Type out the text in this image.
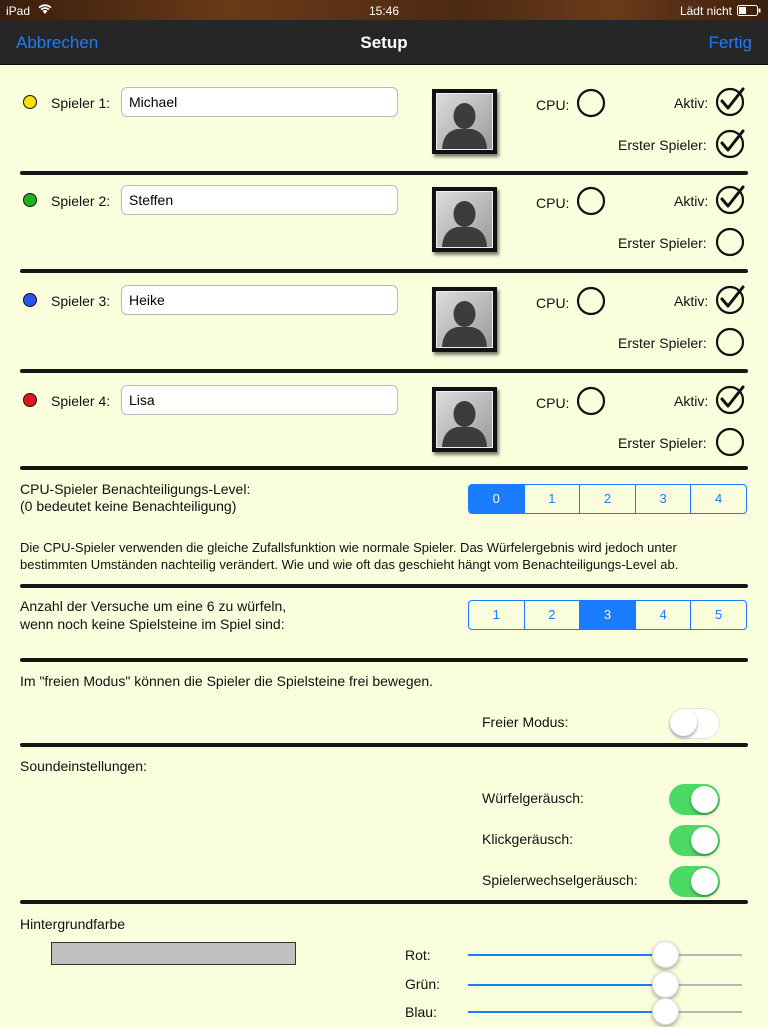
iPad	15:46	Lädt nicht
Setup
Abbrechen	Fertig
Spieler 1:
Michael	CPU:	Aktiv:
Erster Spieler:
Spieler 2:
Steffen	CPU:	Aktiv:
Erster Spieler:
Spieler 3:
Heike	CPU:	Aktiv:
Erster Spieler:
Spieler 4:
Lisa	CPU:	Aktiv:
Erster Spieler:
CPU-Spieler Benachteiligungs-Level:
(0 bedeutet keine Benachteiligung)	0	1	2	3	4
Die CPU-Spieler verwenden die gleiche Zufallsfunktion wie normale Spieler. Das Würfelergebnis wird jedoch unter
bestimmten Umständen nachteilig verändert. Wie und wie oft das geschieht hängt vom Benachteiligungs-Level ab.
Anzahl der Versuche um eine 6 zu würfeln,
wenn noch keine Spielsteine im Spiel sind:
1	2	3	4	5
Im "freien Modus" können die Spieler die Spielsteine frei bewegen.
Freier Modus:
Soundeinstellungen:
Würfelgeräusch:
Klickgeräusch:
Spielerwechselgeräusch:
Hintergrundfarbe
Rot:
Grün:
Blau:
